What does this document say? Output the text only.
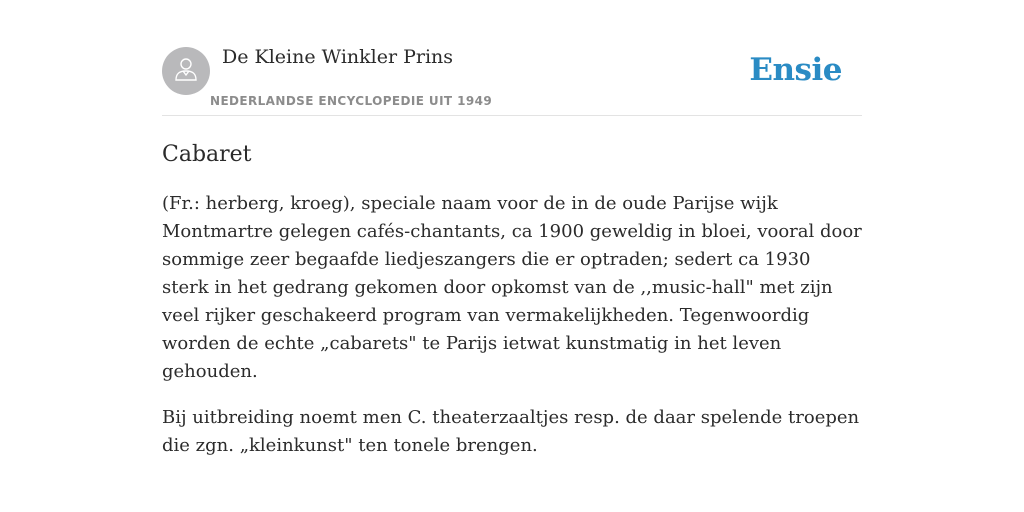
De Kleine Winkler Prins
NEDERLANDSE ENCYCLOPEDIE UIT 1949
Ensie
Cabaret

(Fr.: herberg, kroeg), speciale naam voor de in de oude Parijse wijk Montmartre gelegen cafés-chantants, ca 1900 geweldig in bloei, vooral door sommige zeer begaafde liedjeszangers die er optraden; sedert ca 1930 sterk in het gedrang gekomen door opkomst van de ,,music-hall" met zijn veel rijker geschakeerd program van vermakelijkheden. Tegenwoordig worden de echte „cabarets" te Parijs ietwat kunstmatig in het leven gehouden.

Bij uitbreiding noemt men C. theaterzaaltjes resp. de daar spelende troepen die zgn. „kleinkunst" ten tonele brengen.
